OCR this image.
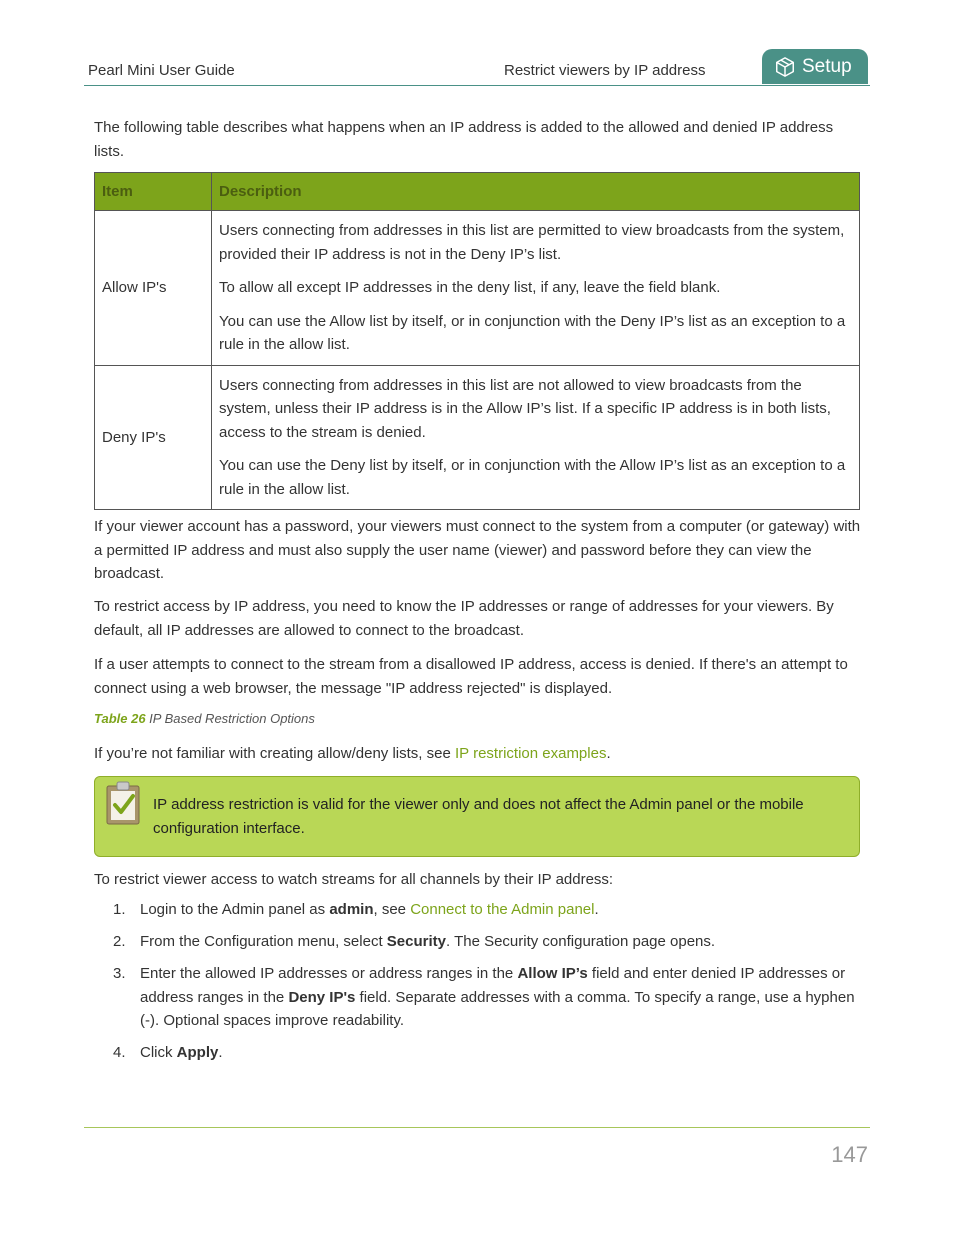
Pearl Mini User Guide	Restrict viewers by IP address	Setup
The following table describes what happens when an IP address is added to the allowed and denied IP address lists.
Item	Description
Allow IP's	Users connecting from addresses in this list are permitted to view broadcasts from the system, provided their IP address is not in the Deny IP’s list.

To allow all except IP addresses in the deny list, if any, leave the field blank.

You can use the Allow list by itself, or in conjunction with the Deny IP’s list as an exception to a rule in the allow list.

Deny IP's	Users connecting from addresses in this list are not allowed to view broadcasts from the system, unless their IP address is in the Allow IP’s list. If a specific IP address is in both lists, access to the stream is denied.

You can use the Deny list by itself, or in conjunction with the Allow IP’s list as an exception to a rule in the allow list.

If your viewer account has a password, your viewers must connect to the system from a computer (or gateway) with a permitted IP address and must also supply the user name (viewer) and password before they can view the broadcast.
To restrict access by IP address, you need to know the IP addresses or range of addresses for your viewers. By default, all IP addresses are allowed to connect to the broadcast.
If a user attempts to connect to the stream from a disallowed IP address, access is denied. If there's an attempt to connect using a web browser, the message "IP address rejected" is displayed.
Table 26 IP Based Restriction Options
If you’re not familiar with creating allow/deny lists, see IP restriction examples.
IP address restriction is valid for the viewer only and does not affect the Admin panel or the mobile configuration interface.
To restrict viewer access to watch streams for all channels by their IP address:
1. Login to the Admin panel as admin, see Connect to the Admin panel.
2. From the Configuration menu, select Security. The Security configuration page opens.
3. Enter the allowed IP addresses or address ranges in the Allow IP’s field and enter denied IP addresses or address ranges in the Deny IP's field. Separate addresses with a comma. To specify a range, use a hyphen (-). Optional spaces improve readability.
4. Click Apply.
147
